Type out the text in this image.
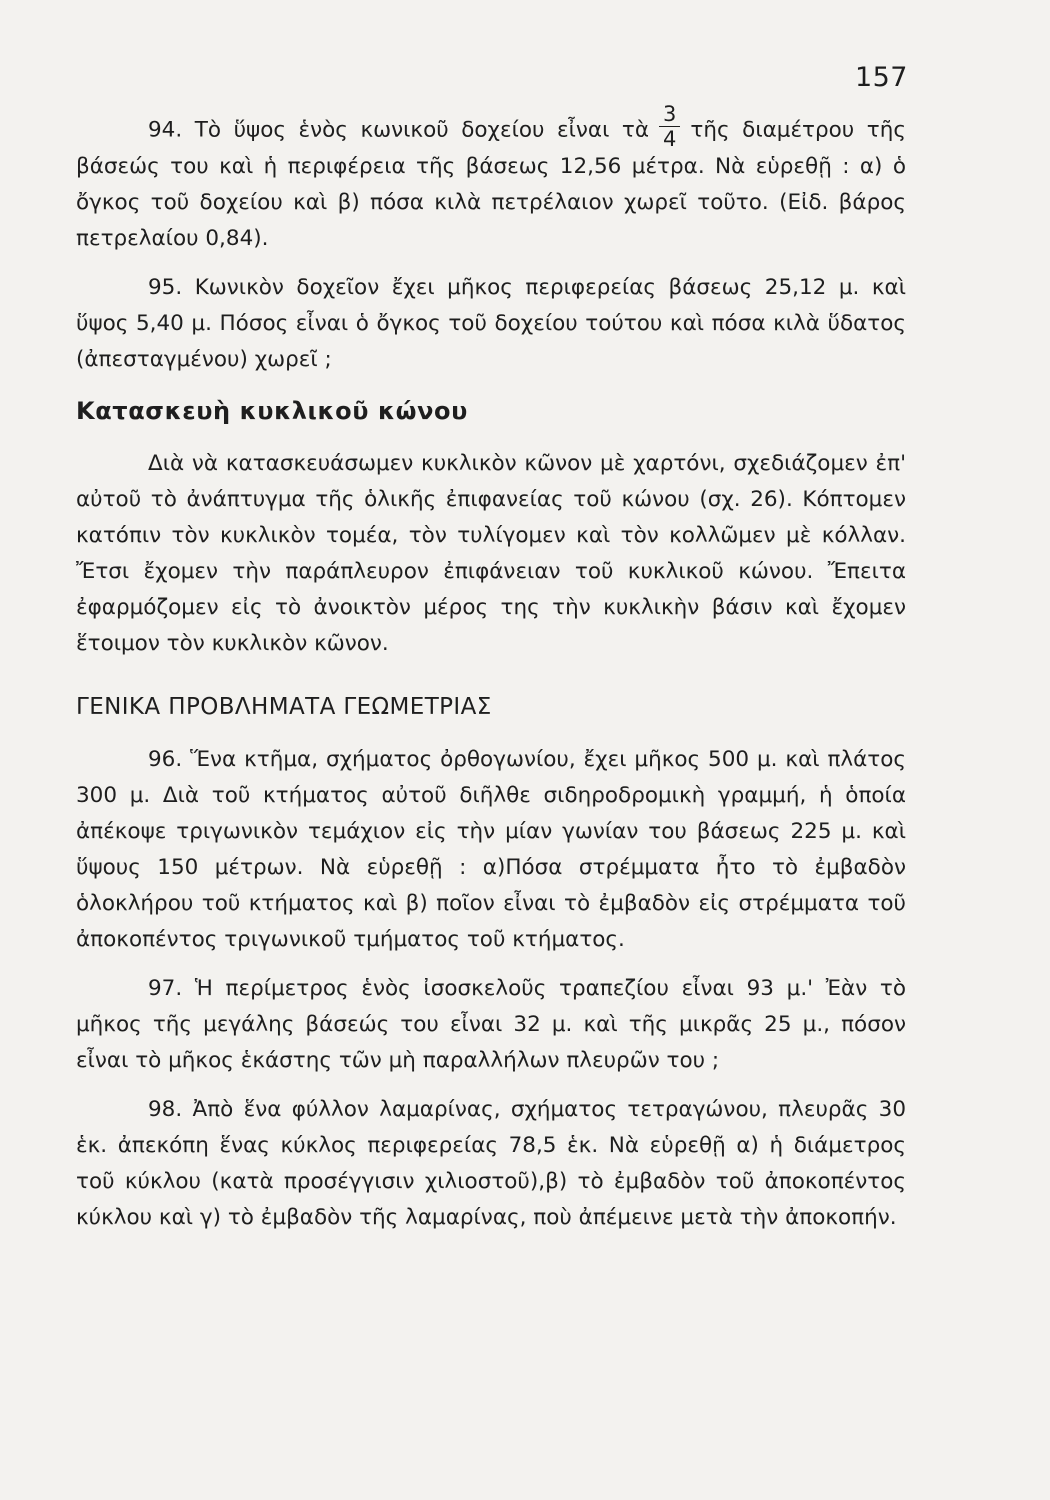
157

94. Τὸ ὕψος ἑνὸς κωνικοῦ δοχείου εἶναι τὰ $\frac{3}{4}$ τῆς διαμέτρου τῆς βάσεώς του καὶ ἡ περιφέρεια τῆς βάσεως 12,56 μέτρα. Νὰ εὑρεθῇ : α) ὁ ὄγκος τοῦ δοχείου καὶ β) πόσα κιλὰ πετρέλαιον χωρεῖ τοῦτο. (Εἰδ. βάρος πετρελαίου 0,84).

95. Κωνικὸν δοχεῖον ἔχει μῆκος περιφερείας βάσεως 25,12 μ. καὶ ὕψος 5,40 μ. Πόσος εἶναι ὁ ὄγκος τοῦ δοχείου τούτου καὶ πόσα κιλὰ ὕδατος (ἀπεσταγμένου) χωρεῖ ;

Κατασκευὴ κυκλικοῦ κώνου

Διὰ νὰ κατασκευάσωμεν κυκλικὸν κῶνον μὲ χαρτόνι, σχεδιάζομεν ἐπ' αὐτοῦ τὸ ἀνάπτυγμα τῆς ὁλικῆς ἐπιφανείας τοῦ κώνου (σχ. 26). Κόπτομεν κατόπιν τὸν κυκλικὸν τομέα, τὸν τυλίγομεν καὶ τὸν κολλῶμεν μὲ κόλλαν. Ἔτσι ἔχομεν τὴν παράπλευρον ἐπιφάνειαν τοῦ κυκλικοῦ κώνου. Ἔπειτα ἐφαρμόζομεν εἰς τὸ ἀνοικτὸν μέρος της τὴν κυκλικὴν βάσιν καὶ ἔχομεν ἕτοιμον τὸν κυκλικὸν κῶνον.

ΓΕΝΙΚΑ ΠΡΟΒΛΗΜΑΤΑ ΓΕΩΜΕΤΡΙΑΣ

96. Ἕνα κτῆμα, σχήματος ὀρθογωνίου, ἔχει μῆκος 500 μ. καὶ πλάτος 300 μ. Διὰ τοῦ κτήματος αὐτοῦ διῆλθε σιδηροδρομικὴ γραμμή, ἡ ὁποία ἀπέκοψε τριγωνικὸν τεμάχιον εἰς τὴν μίαν γωνίαν του βάσεως 225 μ. καὶ ὕψους 150 μέτρων. Νὰ εὑρεθῇ : α)Πόσα στρέμματα ἦτο τὸ ἐμβαδὸν ὁλοκλήρου τοῦ κτήματος καὶ β) ποῖον εἶναι τὸ ἐμβαδὸν εἰς στρέμματα τοῦ ἀποκοπέντος τριγωνικοῦ τμήματος τοῦ κτήματος.

97. Ἡ περίμετρος ἑνὸς ἰσοσκελοῦς τραπεζίου εἶναι 93 μ.' Ἐὰν τὸ μῆκος τῆς μεγάλης βάσεώς του εἶναι 32 μ. καὶ τῆς μικρᾶς 25 μ., πόσον εἶναι τὸ μῆκος ἑκάστης τῶν μὴ παραλλήλων πλευρῶν του ;

98. Ἀπὸ ἕνα φύλλον λαμαρίνας, σχήματος τετραγώνου, πλευρᾶς 30 ἑκ. ἀπεκόπη ἕνας κύκλος περιφερείας 78,5 ἑκ. Νὰ εὑρεθῇ α) ἡ διάμετρος τοῦ κύκλου (κατὰ προσέγγισιν χιλιοστοῦ),β) τὸ ἐμβαδὸν τοῦ ἀποκοπέντος κύκλου καὶ γ) τὸ ἐμβαδὸν τῆς λαμαρίνας, ποὺ ἀπέμεινε μετὰ τὴν ἀποκοπήν.
